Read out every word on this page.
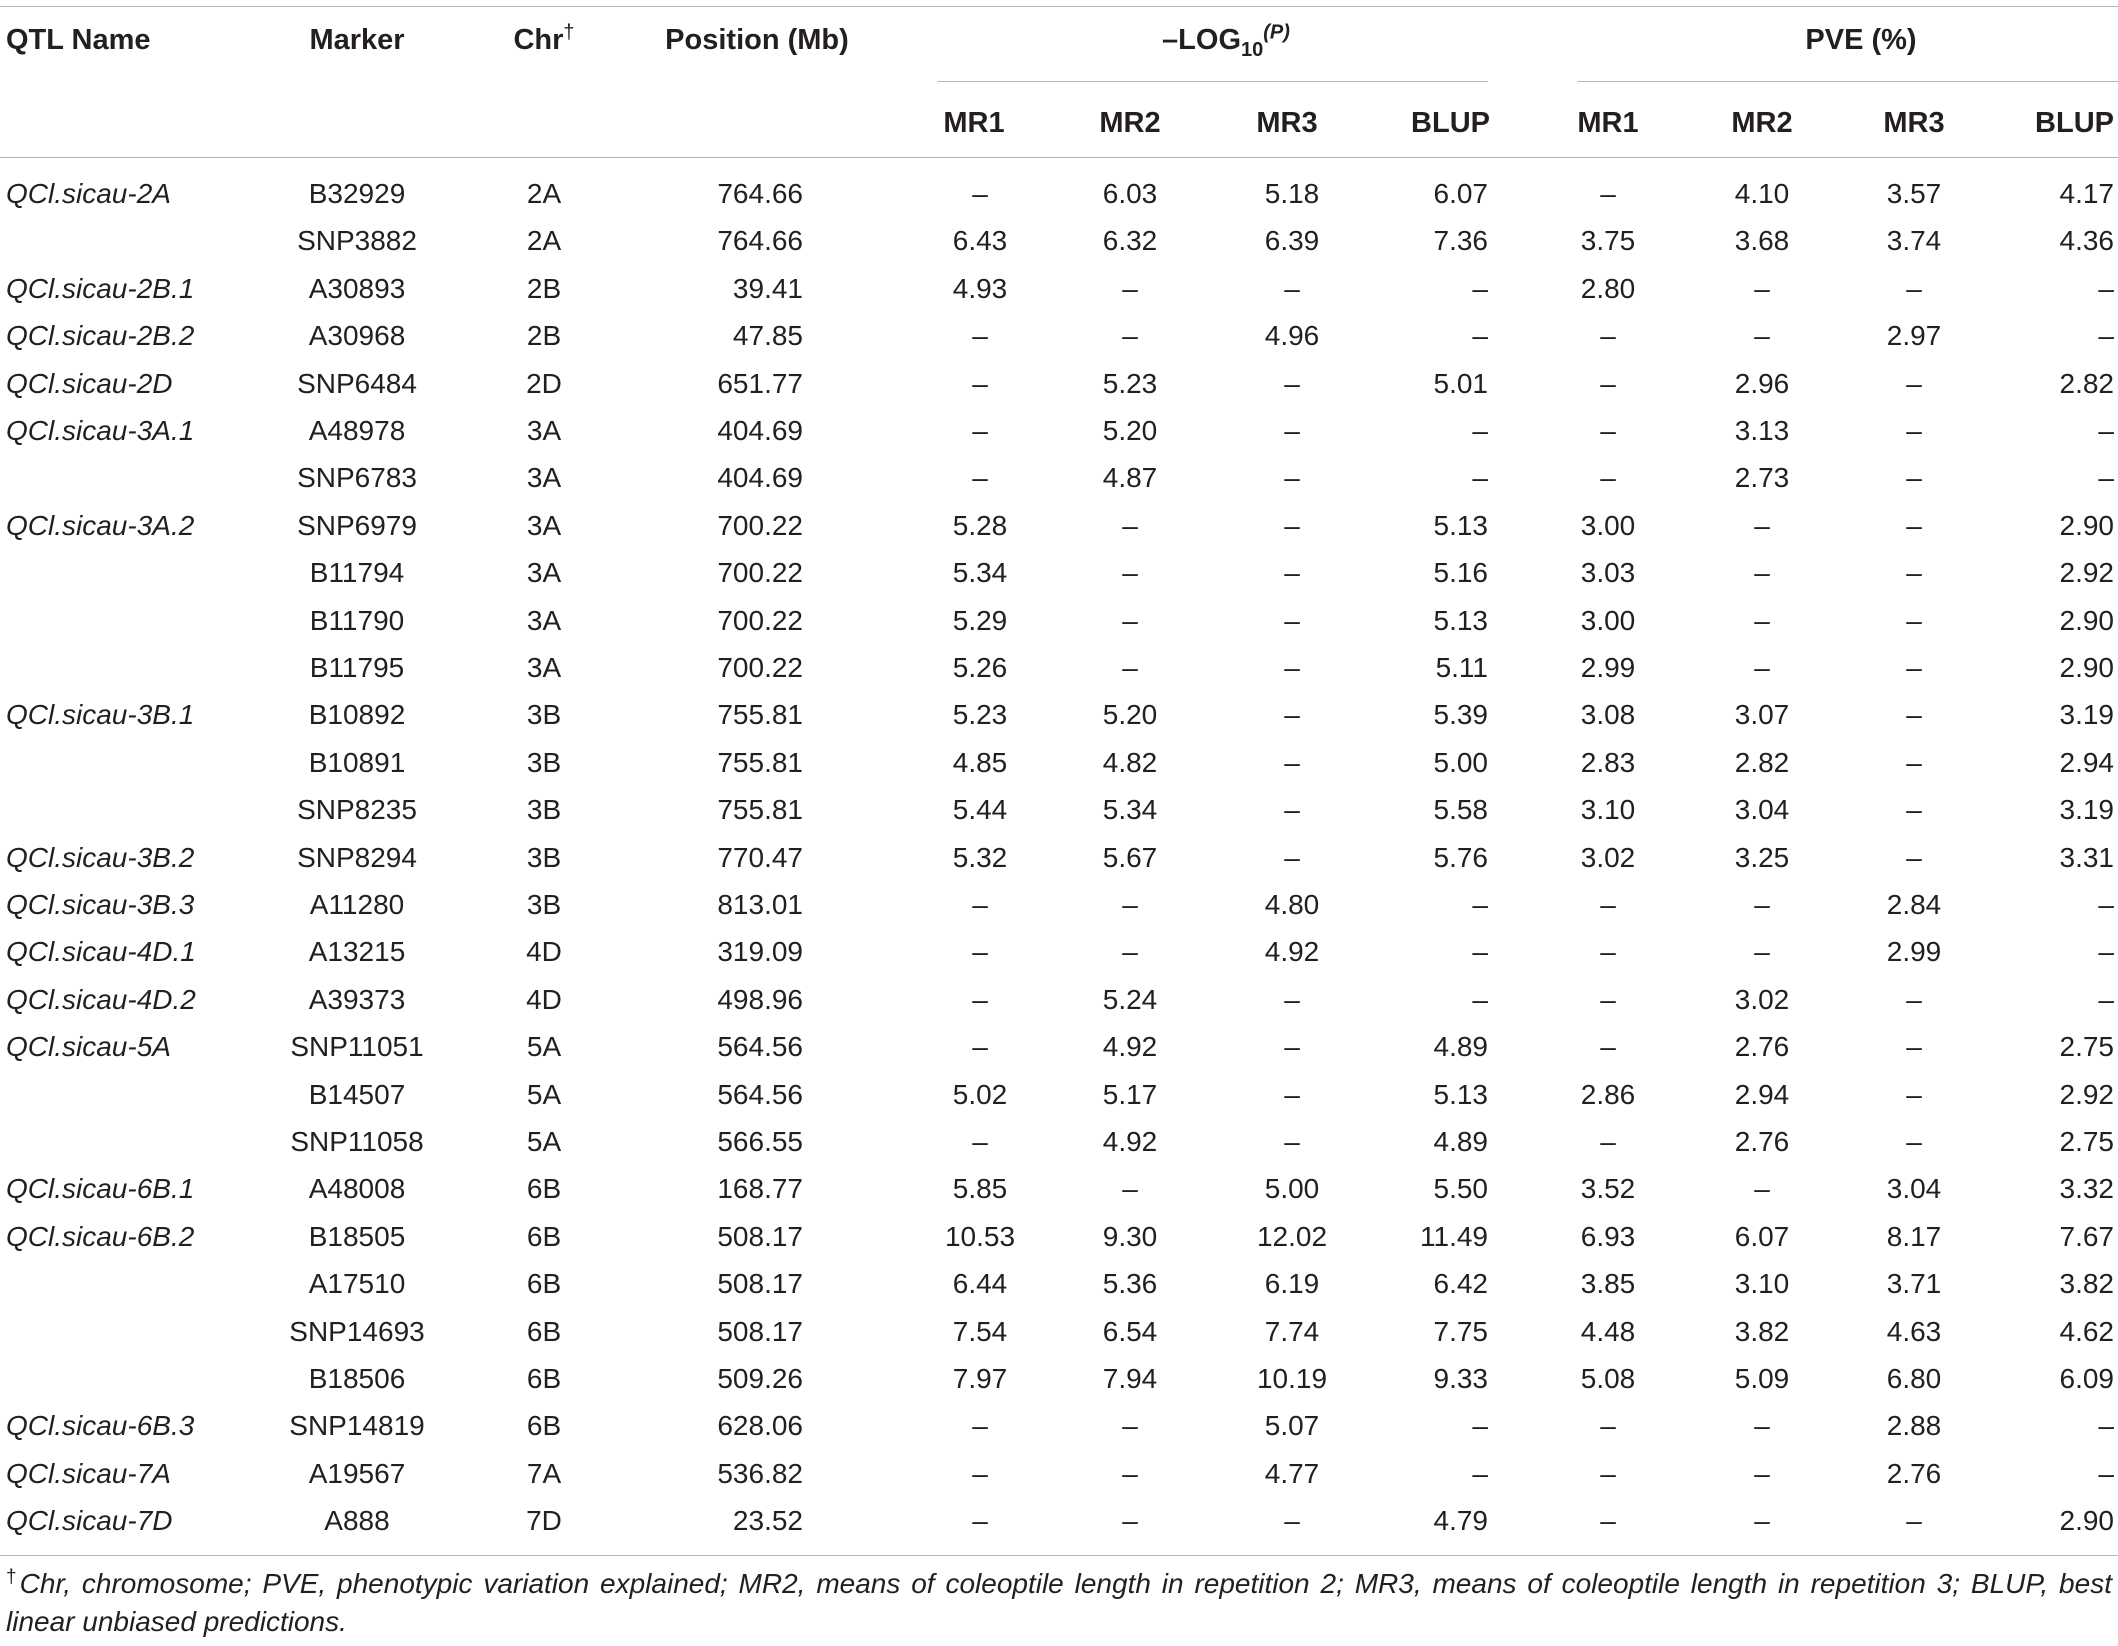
QTL Name	Marker	Chr†	Position (Mb)	$-LOG_{10}^{(P)}$	PVE (%)
MR1	MR2	MR3	BLUP	MR1	MR2	MR3	BLUP
QCl.sicau-2A	B32929	2A	764.66	–	6.03	5.18	6.07	–	4.10	3.57	4.17
SNP3882	2A	764.66	6.43	6.32	6.39	7.36	3.75	3.68	3.74	4.36
QCl.sicau-2B.1	A30893	2B	39.41	4.93	–	–	–	2.80	–	–	–
QCl.sicau-2B.2	A30968	2B	47.85	–	–	4.96	–	–	–	2.97	–
QCl.sicau-2D	SNP6484	2D	651.77	–	5.23	–	5.01	–	2.96	–	2.82
QCl.sicau-3A.1	A48978	3A	404.69	–	5.20	–	–	–	3.13	–	–
SNP6783	3A	404.69	–	4.87	–	–	–	2.73	–	–
QCl.sicau-3A.2	SNP6979	3A	700.22	5.28	–	–	5.13	3.00	–	–	2.90
B11794	3A	700.22	5.34	–	–	5.16	3.03	–	–	2.92
B11790	3A	700.22	5.29	–	–	5.13	3.00	–	–	2.90
B11795	3A	700.22	5.26	–	–	5.11	2.99	–	–	2.90
QCl.sicau-3B.1	B10892	3B	755.81	5.23	5.20	–	5.39	3.08	3.07	–	3.19
B10891	3B	755.81	4.85	4.82	–	5.00	2.83	2.82	–	2.94
SNP8235	3B	755.81	5.44	5.34	–	5.58	3.10	3.04	–	3.19
QCl.sicau-3B.2	SNP8294	3B	770.47	5.32	5.67	–	5.76	3.02	3.25	–	3.31
QCl.sicau-3B.3	A11280	3B	813.01	–	–	4.80	–	–	–	2.84	–
QCl.sicau-4D.1	A13215	4D	319.09	–	–	4.92	–	–	–	2.99	–
QCl.sicau-4D.2	A39373	4D	498.96	–	5.24	–	–	–	3.02	–	–
QCl.sicau-5A	SNP11051	5A	564.56	–	4.92	–	4.89	–	2.76	–	2.75
B14507	5A	564.56	5.02	5.17	–	5.13	2.86	2.94	–	2.92
SNP11058	5A	566.55	–	4.92	–	4.89	–	2.76	–	2.75
QCl.sicau-6B.1	A48008	6B	168.77	5.85	–	5.00	5.50	3.52	–	3.04	3.32
QCl.sicau-6B.2	B18505	6B	508.17	10.53	9.30	12.02	11.49	6.93	6.07	8.17	7.67
A17510	6B	508.17	6.44	5.36	6.19	6.42	3.85	3.10	3.71	3.82
SNP14693	6B	508.17	7.54	6.54	7.74	7.75	4.48	3.82	4.63	4.62
B18506	6B	509.26	7.97	7.94	10.19	9.33	5.08	5.09	6.80	6.09
QCl.sicau-6B.3	SNP14819	6B	628.06	–	–	5.07	–	–	–	2.88	–
QCl.sicau-7A	A19567	7A	536.82	–	–	4.77	–	–	–	2.76	–
QCl.sicau-7D	A888	7D	23.52	–	–	–	4.79	–	–	–	2.90
†Chr, chromosome; PVE, phenotypic variation explained; MR2, means of coleoptile length in repetition 2; MR3, means of coleoptile length in repetition 3; BLUP, best linear unbiased predictions.
